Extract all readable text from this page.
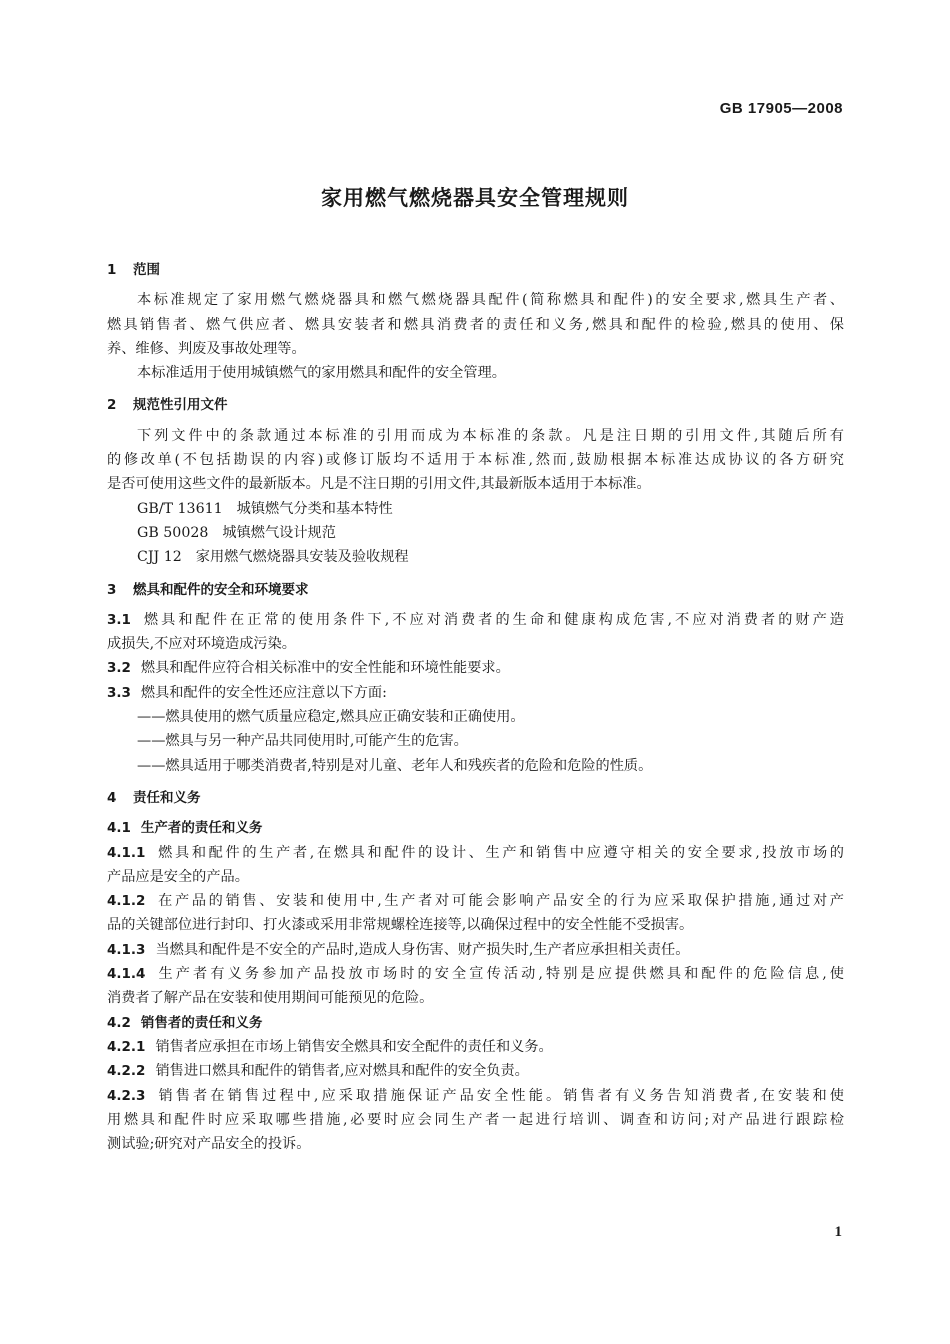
GB 17905—2008
家用燃气燃烧器具安全管理规则
1 范围
本标准规定了家用燃气燃烧器具和燃气燃烧器具配件(简称燃具和配件)的安全要求,燃具生产者、
燃具销售者、燃气供应者、燃具安装者和燃具消费者的责任和义务,燃具和配件的检验,燃具的使用、保
养、维修、判废及事故处理等。
本标准适用于使用城镇燃气的家用燃具和配件的安全管理。
2 规范性引用文件
下列文件中的条款通过本标准的引用而成为本标准的条款。凡是注日期的引用文件,其随后所有
的修改单(不包括勘误的内容)或修订版均不适用于本标准,然而,鼓励根据本标准达成协议的各方研究
是否可使用这些文件的最新版本。凡是不注日期的引用文件,其最新版本适用于本标准。
GB/T 13611 城镇燃气分类和基本特性
GB 50028 城镇燃气设计规范
CJJ 12 家用燃气燃烧器具安装及验收规程
3 燃具和配件的安全和环境要求
3.1 燃具和配件在正常的使用条件下,不应对消费者的生命和健康构成危害,不应对消费者的财产造
成损失,不应对环境造成污染。
3.2 燃具和配件应符合相关标准中的安全性能和环境性能要求。
3.3 燃具和配件的安全性还应注意以下方面:
——燃具使用的燃气质量应稳定,燃具应正确安装和正确使用。
——燃具与另一种产品共同使用时,可能产生的危害。
——燃具适用于哪类消费者,特别是对儿童、老年人和残疾者的危险和危险的性质。
4 责任和义务
4.1 生产者的责任和义务
4.1.1 燃具和配件的生产者,在燃具和配件的设计、生产和销售中应遵守相关的安全要求,投放市场的
产品应是安全的产品。
4.1.2 在产品的销售、安装和使用中,生产者对可能会影响产品安全的行为应采取保护措施,通过对产
品的关键部位进行封印、打火漆或采用非常规螺栓连接等,以确保过程中的安全性能不受损害。
4.1.3 当燃具和配件是不安全的产品时,造成人身伤害、财产损失时,生产者应承担相关责任。
4.1.4 生产者有义务参加产品投放市场时的安全宣传活动,特别是应提供燃具和配件的危险信息,使
消费者了解产品在安装和使用期间可能预见的危险。
4.2 销售者的责任和义务
4.2.1 销售者应承担在市场上销售安全燃具和安全配件的责任和义务。
4.2.2 销售进口燃具和配件的销售者,应对燃具和配件的安全负责。
4.2.3 销售者在销售过程中,应采取措施保证产品安全性能。销售者有义务告知消费者,在安装和使
用燃具和配件时应采取哪些措施,必要时应会同生产者一起进行培训、调查和访问;对产品进行跟踪检
测试验;研究对产品安全的投诉。
1
